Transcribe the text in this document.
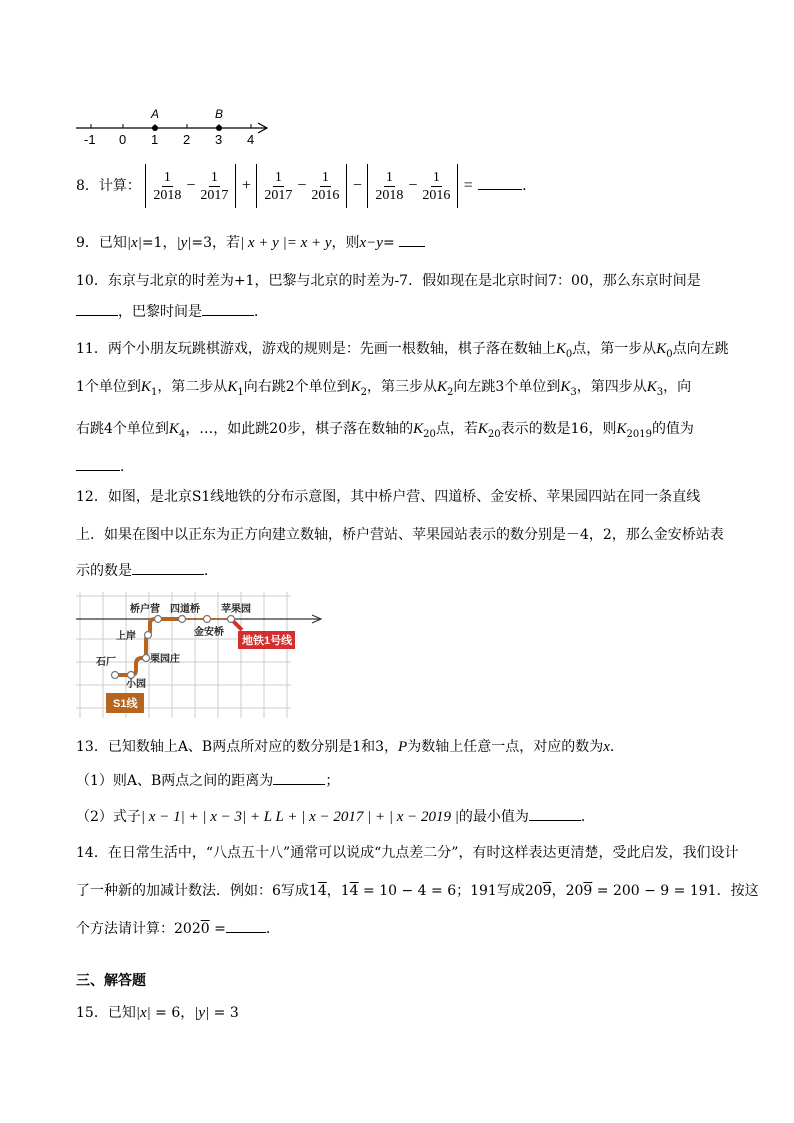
A	B
-1 0 1 2 3 4
8．计算： $\frac{1}{2018} - \frac{1}{2017} + \frac{1}{2017} - \frac{1}{2016} - \frac{1}{2018} - \frac{1}{2016}$ =	．
9．已知|x|=1，|y|=3，若| x + y |= x + y，则x−y=
10．东京与北京的时差为+1，巴黎与北京的时差为-7．假如现在是北京时间7：00，那么东京时间是
，巴黎时间是	．
11．两个小朋友玩跳棋游戏，游戏的规则是：先画一根数轴，棋子落在数轴上$K_0$点，第一步从$K_0$点向左跳
1个单位到$K_1$，第二步从$K_1$向右跳2个单位到$K_2$，第三步从$K_2$向左跳3个单位到$K_3$，第四步从$K_3$，向
右跳4个单位到$K_4$，…，如此跳20步，棋子落在数轴的$K_{20}$点，若$K_{20}$表示的数是16，则$K_{2019}$的值为
．
12．如图，是北京S1线地铁的分布示意图，其中桥户营、四道桥、金安桥、苹果园四站在同一条直线
上．如果在图中以正东为正方向建立数轴，桥户营站、苹果园站表示的数分别是－4，2，那么金安桥站表
示的数是	．
桥户营 四道桥 苹果园
金安桥
上岸
栗园庄
石厂
小园
地铁1号线
S1线
13．已知数轴上A、B两点所对应的数分别是1和3，P为数轴上任意一点，对应的数为x．
（1）则A、B两点之间的距离为	；
（2）式子| x − 1| + | x − 3| + L L + | x − 2017 | + | x − 2019 |的最小值为	．
14．在日常生活中，“八点五十八”通常可以说成“九点差二分”，有时这样表达更清楚，受此启发，我们设计
了一种新的加减计数法．例如：6写成14，14 = 10 − 4 = 6；191写成209，209 = 200 − 9 = 191．按这
个方法请计算：2020 =	．
三、解答题
15．已知|x| = 6，|y| = 3
